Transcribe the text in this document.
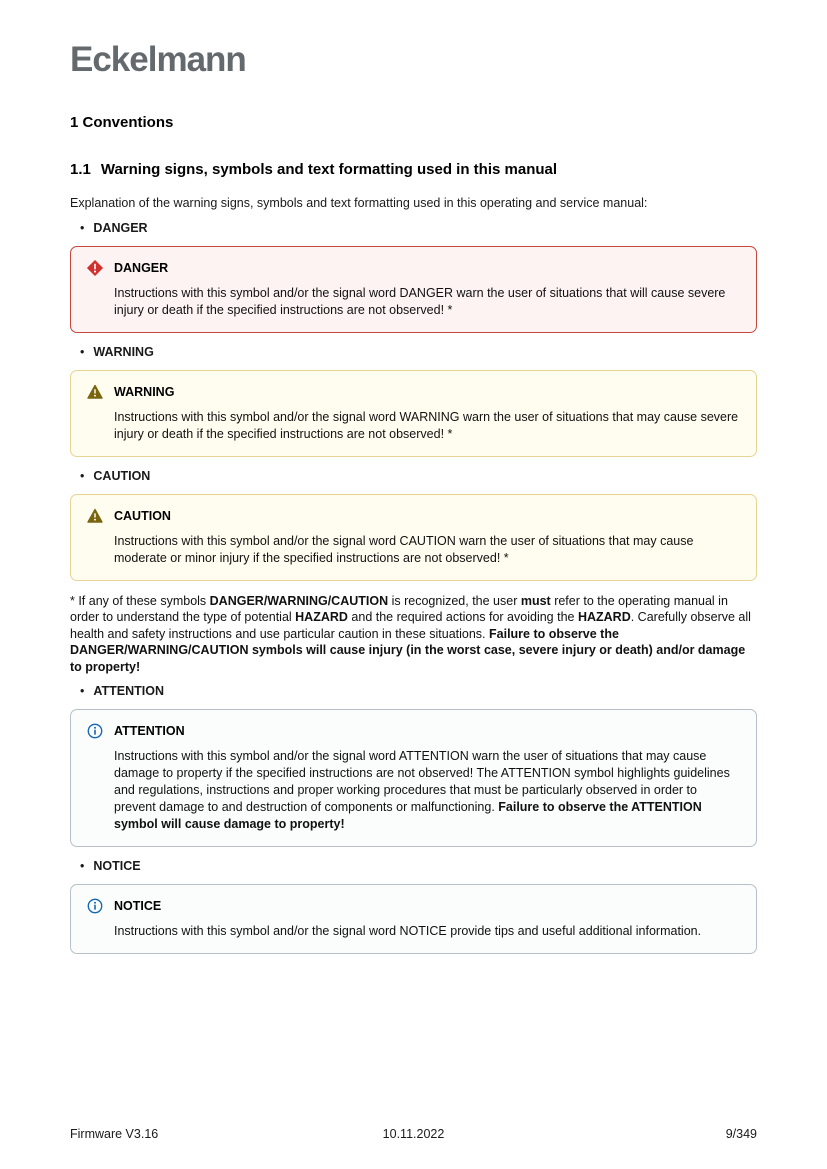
Eckelmann
1 Conventions
1.1 Warning signs, symbols and text formatting used in this manual

Explanation of the warning signs, symbols and text formatting used in this operating and service manual:

• DANGER
DANGER
Instructions with this symbol and/or the signal word DANGER warn the user of situations that will cause severe injury or death if the specified instructions are not observed! *
• WARNING
WARNING
Instructions with this symbol and/or the signal word WARNING warn the user of situations that may cause severe injury or death if the specified instructions are not observed! *
• CAUTION
CAUTION
Instructions with this symbol and/or the signal word CAUTION warn the user of situations that may cause moderate or minor injury if the specified instructions are not observed! *

* If any of these symbols DANGER/WARNING/CAUTION is recognized, the user must refer to the operating manual in order to understand the type of potential HAZARD and the required actions for avoiding the HAZARD. Carefully observe all health and safety instructions and use particular caution in these situations. Failure to observe the DANGER/WARNING/CAUTION symbols will cause injury (in the worst case, severe injury or death) and/or damage to property!

• ATTENTION
ATTENTION
Instructions with this symbol and/or the signal word ATTENTION warn the user of situations that may cause damage to property if the specified instructions are not observed! The ATTENTION symbol highlights guidelines and regulations, instructions and proper working procedures that must be particularly observed in order to prevent damage to and destruction of components or malfunctioning. Failure to observe the ATTENTION symbol will cause damage to property!
• NOTICE
NOTICE
Instructions with this symbol and/or the signal word NOTICE provide tips and useful additional information.
Firmware V3.16	10.11.2022	9/349
